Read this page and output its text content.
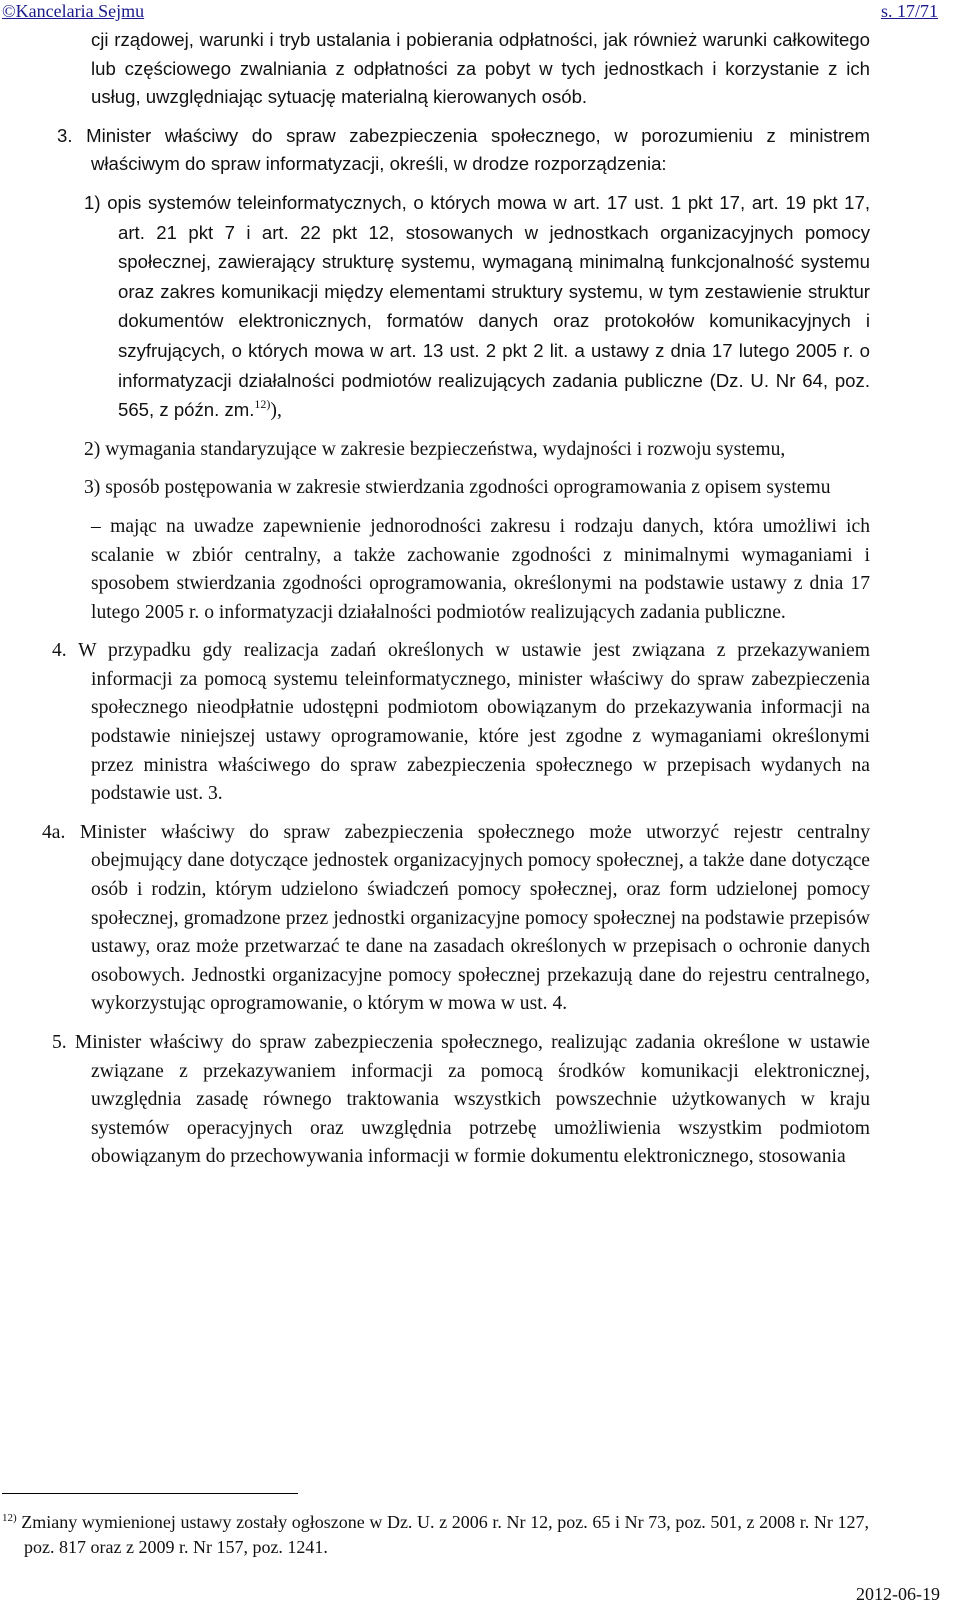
©Kancelaria Sejmu	s. 17/71

cji rządowej, warunki i tryb ustalania i pobierania odpłatności, jak również warunki całkowitego lub częściowego zwalniania z odpłatności za pobyt w tych jednostkach i korzystanie z ich usług, uwzględniając sytuację materialną kierowanych osób.

3. Minister właściwy do spraw zabezpieczenia społecznego, w porozumieniu z ministrem właściwym do spraw informatyzacji, określi, w drodze rozporządzenia:

1) opis systemów teleinformatycznych, o których mowa w art. 17 ust. 1 pkt 17, art. 19 pkt 17, art. 21 pkt 7 i art. 22 pkt 12, stosowanych w jednostkach organizacyjnych pomocy społecznej, zawierający strukturę systemu, wymaganą minimalną funkcjonalność systemu oraz zakres komunikacji między elementami struktury systemu, w tym zestawienie struktur dokumentów elektronicznych, formatów danych oraz protokołów komunikacyjnych i szyfrujących, o których mowa w art. 13 ust. 2 pkt 2 lit. a ustawy z dnia 17 lutego 2005 r. o informatyzacji działalności podmiotów realizujących zadania publiczne (Dz. U. Nr 64, poz. 565, z późn. zm.$^{12)}$),

2) wymagania standaryzujące w zakresie bezpieczeństwa, wydajności i rozwoju systemu,

3) sposób postępowania w zakresie stwierdzania zgodności oprogramowania z opisem systemu

– mając na uwadze zapewnienie jednorodności zakresu i rodzaju danych, która umożliwi ich scalanie w zbiór centralny, a także zachowanie zgodności z minimalnymi wymaganiami i sposobem stwierdzania zgodności oprogramowania, określonymi na podstawie ustawy z dnia 17 lutego 2005 r. o informatyzacji działalności podmiotów realizujących zadania publiczne.

4. W przypadku gdy realizacja zadań określonych w ustawie jest związana z przekazywaniem informacji za pomocą systemu teleinformatycznego, minister właściwy do spraw zabezpieczenia społecznego nieodpłatnie udostępni podmiotom obowiązanym do przekazywania informacji na podstawie niniejszej ustawy oprogramowanie, które jest zgodne z wymaganiami określonymi przez ministra właściwego do spraw zabezpieczenia społecznego w przepisach wydanych na podstawie ust. 3.

4a. Minister właściwy do spraw zabezpieczenia społecznego może utworzyć rejestr centralny obejmujący dane dotyczące jednostek organizacyjnych pomocy społecznej, a także dane dotyczące osób i rodzin, którym udzielono świadczeń pomocy społecznej, oraz form udzielonej pomocy społecznej, gromadzone przez jednostki organizacyjne pomocy społecznej na podstawie przepisów ustawy, oraz może przetwarzać te dane na zasadach określonych w przepisach o ochronie danych osobowych. Jednostki organizacyjne pomocy społecznej przekazują dane do rejestru centralnego, wykorzystując oprogramowanie, o którym w mowa w ust. 4.

5. Minister właściwy do spraw zabezpieczenia społecznego, realizując zadania określone w ustawie związane z przekazywaniem informacji za pomocą środków komunikacji elektronicznej, uwzględnia zasadę równego traktowania wszystkich powszechnie użytkowanych w kraju systemów operacyjnych oraz uwzględnia potrzebę umożliwienia wszystkim podmiotom obowiązanym do przechowywania informacji w formie dokumentu elektronicznego, stosowania

$^{12)}$ Zmiany wymienionej ustawy zostały ogłoszone w Dz. U. z 2006 r. Nr 12, poz. 65 i Nr 73, poz. 501, z 2008 r. Nr 127, poz. 817 oraz z 2009 r. Nr 157, poz. 1241.
2012-06-19
